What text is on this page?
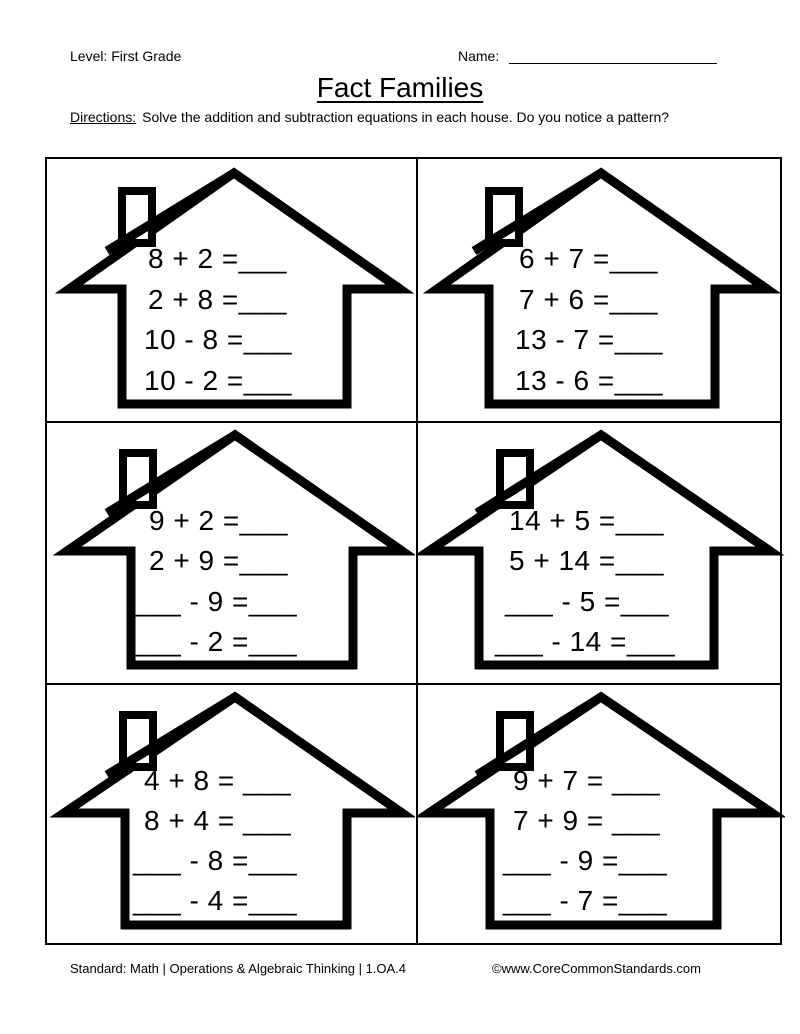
Level: First Grade	Name:
Fact Families
Directions: Solve the addition and subtraction equations in each house. Do you notice a pattern?
8 + 2 =___
2 + 8 =___
10 - 8 =___
10 - 2 =___
6 + 7 =___
7 + 6 =___
13 - 7 =___
13 - 6 =___
9 + 2 =___
2 + 9 =___
___ - 9 =___
___ - 2 =___
14 + 5 =___
5 + 14 =___
___ - 5 =___
___ - 14 =___
4 + 8 = ___
8 + 4 = ___
___ - 8 =___
___ - 4 =___
9 + 7 = ___
7 + 9 = ___
___ - 9 =___
___ - 7 =___
Standard: Math | Operations & Algebraic Thinking | 1.OA.4	©www.CoreCommonStandards.com
